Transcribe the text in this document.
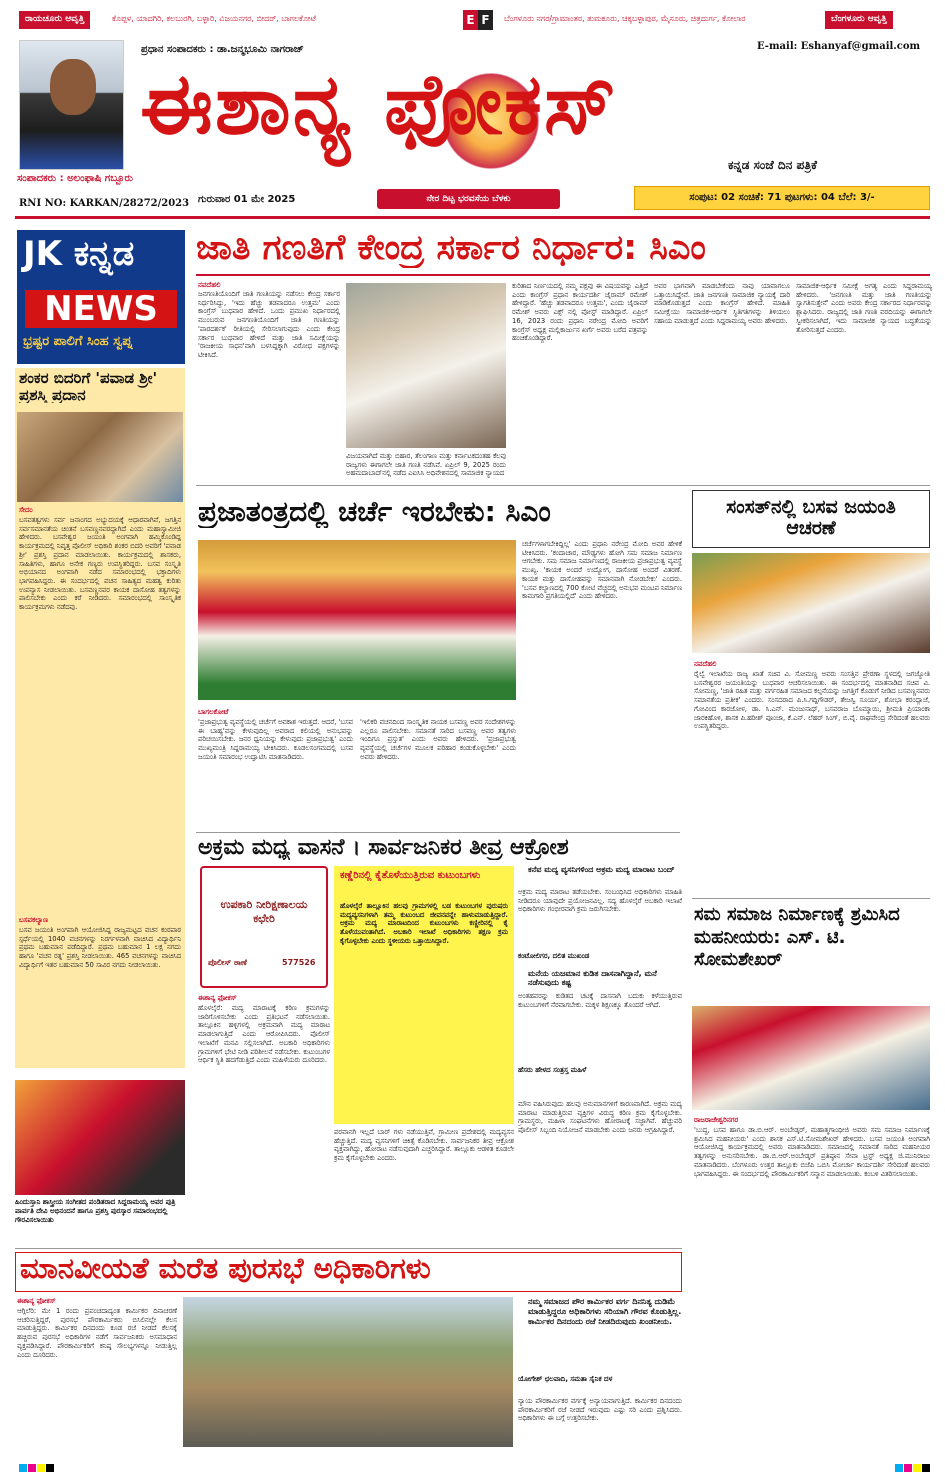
ರಾಯಚೂರು ಆವೃತ್ತಿ	ಕೊಪ್ಪಳ, ಯಾದಗಿರಿ, ಕಲಬುರಗಿ, ಬಳ್ಳಾರಿ, ವಿಜಯನಗರ, ಬೀದರ್, ಬಾಗಲಕೋಟೆ	E F	ಬೆಂಗಳೂರು ನಗರ/ಗ್ರಾಮಾಂತರ, ತುಮಕೂರು, ಚಿಕ್ಕಬಳ್ಳಾಪುರ, ಮೈಸೂರು, ಚಿತ್ರದುರ್ಗ, ಕೋಲಾರ	ಬೆಂಗಳೂರು ಆವೃತ್ತಿ
ಸಂಪಾದಕರು : ಅಲಂಫಾಷಿ ಗಬ್ಬೂರು
RNI NO: KARKAN/28272/2023
ಪ್ರಧಾನ ಸಂಪಾದಕರು : ಡಾ.ಜನ್ಮಭೂಮಿ ನಾಗರಾಜ್	E-mail: Eshanyaf@gmail.com
ಈಶಾನ್ಯ ಫೋಕಸ್
ಕನ್ನಡ ಸಂಜೆ ದಿನ ಪತ್ರಿಕೆ
ಗುರುವಾರ 01 ಮೇ 2025	ನೇರ ದಿಟ್ಟ ಭರವಸೆಯ ಬೆಳಕು	ಸಂಪುಟ: 02 ಸಂಚಿಕೆ: 71 ಪುಟಗಳು: 04 ಬೆಲೆ: 3/-
JK ಕನ್ನಡ
NEWS
ಭ್ರಷ್ಟರ ಪಾಲಿಗೆ ಸಿಂಹ ಸ್ವಪ್ನ
ಶಂಕರ ಬಿದರಿಗೆ 'ಪವಾಡ ಶ್ರೀ' ಪ್ರಶಸ್ತಿ ಪ್ರದಾನ
ಸೇದಂ
ಬಸವತತ್ವಗಳು ಸರ್ವ ಜನಾಂಗದ ಅಭ್ಯುದಯಕ್ಕೆ ಆಧಾರವಾಗಿವೆ, ಜಗತ್ತಿನ ಸರ್ವಸಮಾನತೆಯ ಚಿಂತನೆ ಬಸವಣ್ಣನವರದ್ದಾಗಿದೆ ಎಂದು ಮಹಾಸ್ವಾಮೀಜಿ ಹೇಳಿದರು. ಬಸವೇಶ್ವರ ಜಯಂತಿ ಅಂಗವಾಗಿ ಹಮ್ಮಿಕೊಂಡಿದ್ದ ಕಾರ್ಯಕ್ರಮದಲ್ಲಿ ನಿವೃತ್ತ ಪೊಲೀಸ್ ಅಧಿಕಾರಿ ಶಂಕರ ಬಿದರಿ ಅವರಿಗೆ 'ಪವಾಡ ಶ್ರೀ' ಪ್ರಶಸ್ತಿ ಪ್ರದಾನ ಮಾಡಲಾಯಿತು. ಕಾರ್ಯಕ್ರಮದಲ್ಲಿ ಶಾಸಕರು, ಸಾಹಿತಿಗಳು, ಹಾಗೂ ಅನೇಕ ಗಣ್ಯರು ಉಪಸ್ಥಿತರಿದ್ದರು. ಬಸವ ಸಂಸ್ಕೃತಿ ಅಭಿಯಾನದ ಅಂಗವಾಗಿ ನಡೆದ ಸಮಾರಂಭದಲ್ಲಿ ಭಕ್ತಾದಿಗಳು ಭಾಗವಹಿಸಿದ್ದರು. ಈ ಸಂದರ್ಭದಲ್ಲಿ ವಚನ ಸಾಹಿತ್ಯದ ಮಹತ್ವ ಕುರಿತು ಉಪನ್ಯಾಸ ನೀಡಲಾಯಿತು. ಬಸವಣ್ಣನವರ ಕಾಯಕ ದಾಸೋಹ ತತ್ವಗಳನ್ನು ಪಾಲಿಸಬೇಕು ಎಂದು ಕರೆ ನೀಡಿದರು. ಸಮಾರಂಭದಲ್ಲಿ ಸಾಂಸ್ಕೃತಿಕ ಕಾರ್ಯಕ್ರಮಗಳು ನಡೆದವು.
ಬಸವಕಲ್ಯಾಣ
ಬಸವ ಜಯಂತಿ ಅಂಗವಾಗಿ ಆಯೋಜಿಸಿದ್ದ ರಾಜ್ಯಮಟ್ಟದ ವಚನ ಕಂಠಪಾಠ ಸ್ಪರ್ಧೆಯಲ್ಲಿ 1040 ವಚನಗಳನ್ನು ನಿರರ್ಗಳವಾಗಿ ವಾಚಿಸಿದ ವಿದ್ಯಾರ್ಥಿನಿ ಪ್ರಥಮ ಬಹುಮಾನ ಪಡೆದಿದ್ದಾರೆ. ಪ್ರಥಮ ಬಹುಮಾನ 1 ಲಕ್ಷ ನಗದು ಹಾಗೂ 'ವಚನ ರತ್ನ' ಪ್ರಶಸ್ತಿ ನೀಡಲಾಯಿತು. 465 ವಚನಗಳನ್ನು ವಾಚಿಸಿದ ವಿದ್ಯಾರ್ಥಿಗೆ ಇತರ ಬಹುಮಾನ 50 ಸಾವಿರ ನಗದು ನೀಡಲಾಯಿತು.
ಹಿಂದುಸ್ತಾನಿ ಶಾಸ್ತ್ರೀಯ ಸಂಗೀತದ ಪಂಡಿತರಾದ ಸಿದ್ದರಾಮಯ್ಯ ಅವರ ಪುತ್ರಿ ಪಾರ್ವತಿ ದೇವಿ ಅಭಿನಂದನೆ ಹಾಗೂ ಪ್ರಶಸ್ತಿ ಪುರಸ್ಕಾರ ಸಮಾರಂಭದಲ್ಲಿ ಗೌರವಿಸಲಾಯಿತು
ಜಾತಿ ಗಣತಿಗೆ ಕೇಂದ್ರ ಸರ್ಕಾರ ನಿರ್ಧಾರ: ಸಿಎಂ
ನವದೆಹಲಿ
ಜನಗಣತಿಯೊಂದಿಗೆ ಜಾತಿ ಗಣತಿಯನ್ನು ನಡೆಸಲು ಕೇಂದ್ರ ಸರ್ಕಾರ ನಿರ್ಧರಿಸಿದ್ದು, 'ಇದು ಹೆಚ್ಚು ತಡವಾದರೂ ಉತ್ತಮ' ಎಂದು ಕಾಂಗ್ರೆಸ್ ಬುಧವಾರ ಹೇಳಿದೆ. ಒಂದು ಪ್ರಮುಖ ನಿರ್ಧಾರದಲ್ಲಿ ಮುಂಬರುವ ಜನಗಣತಿಯೊಂದಿಗೆ ಜಾತಿ ಗಣತಿಯನ್ನು 'ಪಾರದರ್ಶಕ' ರೀತಿಯಲ್ಲಿ ಸೇರಿಸಲಾಗುವುದು ಎಂದು ಕೇಂದ್ರ ಸರ್ಕಾರ ಬುಧವಾರ ಹೇಳಿದೆ ಮತ್ತು ಜಾತಿ ಸಮೀಕ್ಷೆಯನ್ನು 'ರಾಜಕೀಯ ಸಾಧನ'ವಾಗಿ ಬಳಸಿದ್ದಕ್ಕಾಗಿ ವಿರೋಧ ಪಕ್ಷಗಳನ್ನು ಟೀಕಿಸಿದೆ.
ವಿಜಯವಾಗಿದೆ ಮತ್ತು ಬಿಹಾರ, ತೆಲಂಗಾಣ ಮತ್ತು ಕರ್ನಾಟಕದಂತಹ ಕೆಲವು ರಾಜ್ಯಗಳು ಈಗಾಗಲೇ ಜಾತಿ ಗಣತಿ ನಡೆಸಿವೆ. ಏಪ್ರಿಲ್ 9, 2025 ರಂದು ಅಹಮದಾಬಾದ್‌ನಲ್ಲಿ ನಡೆದ ಎಐಸಿಸಿ ಅಧಿವೇಶನದಲ್ಲಿ ಸಾಮಾಜಿಕ ನ್ಯಾಯದ
ಕುರಿತಾದ ನಿರ್ಣಯದಲ್ಲಿ ನಮ್ಮ ಪಕ್ಷವು ಈ ವಿಷಯವನ್ನು ಎತ್ತಿದೆ ಎಂದು ಕಾಂಗ್ರೆಸ್ ಪ್ರಧಾನ ಕಾರ್ಯದರ್ಶಿ ಜೈರಾಮ್ ರಮೇಶ್ ಹೇಳಿದ್ದಾರೆ. 'ಹೆಚ್ಚು ತಡವಾದರೂ ಉತ್ತಮ', ಎಂದು ಜೈರಾಮ್ ರಮೇಶ್ ಅವರು ಎಕ್ಸ್ ನಲ್ಲಿ ಪೋಸ್ಟ್ ಮಾಡಿದ್ದಾರೆ. ಏಪ್ರಿಲ್ 16, 2023 ರಂದು ಪ್ರಧಾನಿ ನರೇಂದ್ರ ಮೋದಿ ಅವರಿಗೆ ಕಾಂಗ್ರೆಸ್ ಅಧ್ಯಕ್ಷ ಮಲ್ಲಿಕಾರ್ಜುನ ಖರ್ಗೆ ಅವರು ಬರೆದ ಪತ್ರವನ್ನು ಹಂಚಿಕೊಂಡಿದ್ದಾರೆ.
ಅವರ ಭಾಗವಾಗಿ ಮಾಡಬೇಕೆಂದು ನಾವು ಯಾವಾಗಲೂ ಒತ್ತಾಯಿಸಿದ್ದೇವೆ. ಜಾತಿ ಜನಗಣತಿ ಸಾಮಾಜಿಕ ನ್ಯಾಯಕ್ಕೆ ದಾರಿ ಮಾಡಿಕೊಡುತ್ತದೆ ಎಂದು ಕಾಂಗ್ರೆಸ್ ಹೇಳಿದೆ. ಮಾಹಿತಿ ಸಮೀಕ್ಷೆಯು ಸಾಮಾಜಿಕ-ಆರ್ಥಿಕ ಸ್ಥಿತಿಗತಿಗಳನ್ನು ತಿಳಿಯಲು ಸಹಾಯ ಮಾಡುತ್ತದೆ ಎಂದು ಸಿದ್ದರಾಮಯ್ಯ ಅವರು ಹೇಳಿದರು.
ಸಾಮಾಜಿಕ-ಆರ್ಥಿಕ ಸಮೀಕ್ಷೆ ಅಗತ್ಯ ಎಂದು ಸಿದ್ದರಾಮಯ್ಯ ಹೇಳಿದರು. 'ಜನಗಣತಿ ಮತ್ತು ಜಾತಿ ಗಣತಿಯನ್ನು ಸ್ವಾಗತಿಸುತ್ತೇನೆ' ಎಂದು ಅವರು ಕೇಂದ್ರ ಸರ್ಕಾರದ ನಿರ್ಧಾರವನ್ನು ಶ್ಲಾಘಿಸಿದರು. ರಾಜ್ಯದಲ್ಲಿ ಜಾತಿ ಗಣತಿ ವರದಿಯನ್ನು ಈಗಾಗಲೇ ಸ್ವೀಕರಿಸಲಾಗಿದೆ, ಇದು ಸಾಮಾಜಿಕ ನ್ಯಾಯದ ಬದ್ಧತೆಯನ್ನು ತೋರಿಸುತ್ತದೆ ಎಂದರು.
ಪ್ರಜಾತಂತ್ರದಲ್ಲಿ ಚರ್ಚೆ ಇರಬೇಕು: ಸಿಎಂ
ಚರ್ಚೆಗಳಾಗಬೇಕಿದ್ದಿಲ್ಲ' ಎಂದು ಪ್ರಧಾನಿ ನರೇಂದ್ರ ಮೋದಿ ಅವರ ಹೇಳಿಕೆ ಟೀಕಿಸಿದರು. 'ಕಂದಾಚಾರ, ಮೌಢ್ಯಗಳು ಹೋಗಿ ಸಮ ಸಮಾಜ ನಿರ್ಮಾಣ ಆಗಬೇಕು. ಸಮ ಸಮಾಜ ನಿರ್ಮಾಣದಲ್ಲಿ ರಾಜಕೀಯ ಪ್ರಜಾಪ್ರಭುತ್ವ ವ್ಯವಸ್ಥೆ ಮುಖ್ಯ. 'ಕಾಯಕ ಅಂದರೆ ಉದ್ಯೋಗ, ದಾಸೋಹ ಅಂದರೆ ವಿತರಣೆ. ಕಾಯಕ ಮತ್ತು ದಾಸೋಹವನ್ನು ಸಮಾನವಾಗಿ ನೋಡಬೇಕು' ಎಂದರು. 'ಬಸವ ಕಲ್ಯಾಣದಲ್ಲಿ 700 ಕೋಟಿ ವೆಚ್ಚದಲ್ಲಿ ಅನುಭವ ಮಂಟಪ ನಿರ್ಮಾಣ ಕಾಮಗಾರಿ ಪ್ರಗತಿಯಲ್ಲಿದೆ' ಎಂದು ಹೇಳಿದರು.
ಬಾಗಲಕೋಟೆ
'ಪ್ರಜಾಪ್ರಭುತ್ವ ವ್ಯವಸ್ಥೆಯಲ್ಲಿ ಚರ್ಚೆಗೆ ಅವಕಾಶ ಇರುತ್ತದೆ. ಆದರೆ, 'ಬಸವ ಈ ಬಾಹ್ಯ'ವನ್ನು ಕೇಳುವುದಿಲ್ಲ ಅವರಾದ ಕಲಿಯಲ್ಲಿ ಅನುಭವನ್ನು ಪರಿಚಯಿಸಬೇಕು. ಜನರ ಧ್ವನಿಯನ್ನು ಕೇಳುವುದು ಪ್ರಜಾಪ್ರಭುತ್ವ' ಎಂದು ಮುಖ್ಯಮಂತ್ರಿ ಸಿದ್ದರಾಮಯ್ಯ ಟೀಕಿಸಿದರು. ಕೂಡಲಸಂಗಮದಲ್ಲಿ ಬಸವ ಜಯಂತಿ ಸಮಾರಂಭ ಉದ್ಘಾಟಿಸಿ ಮಾತನಾಡಿದರು.
'ಇಲಿಕರಿ ವಚನದಿಂದ ಸಾಂಸ್ಕೃತಿಕ ನಾಯಕ ಬಸವಣ್ಣ ಅವರ ಸಂದೇಶಗಳನ್ನು ಎಲ್ಲರೂ ಪಾಲಿಸಬೇಕು. ಸಮಾನತೆ ಸಾರಿದ ಬಸವಣ್ಣ ಅವರ ತತ್ವಗಳು ಇಂದಿಗೂ ಪ್ರಸ್ತುತ' ಎಂದು ಅವರು ಹೇಳಿದರು. 'ಪ್ರಜಾಪ್ರಭುತ್ವ ವ್ಯವಸ್ಥೆಯಲ್ಲಿ ಚರ್ಚೆಗಳ ಮೂಲಕ ಪರಿಹಾರ ಕಂಡುಕೊಳ್ಳಬೇಕು' ಎಂದು ಅವರು ಹೇಳಿದರು.
ಸಂಸತ್‌ನಲ್ಲಿ ಬಸವ ಜಯಂತಿ ಆಚರಣೆ
ನವದೆಹಲಿ
ರೈಲ್ವೆ ಇಲಾಖೆಯ ರಾಜ್ಯ ಖಾತೆ ಸಚಿವ ವಿ. ಸೋಮಣ್ಣ ಅವರು ಸಂಸತ್ತಿನ ಪ್ರೇರಣಾ ಸ್ಥಳದಲ್ಲಿ ಜಗಜ್ಯೋತಿ ಬಸವೇಶ್ವರರ ಜಯಂತಿಯನ್ನು ಬುಧವಾರ ಆಚರಿಸಲಾಯಿತು. ಈ ಸಂದರ್ಭದಲ್ಲಿ ಮಾತನಾಡಿದ ಸಚಿವ ವಿ. ಸೋಮಣ್ಣ, 'ಜಾತಿ ರಹಿತ ಮತ್ತು ವರ್ಗರಹಿತ ಸಮಾಜದ ಕಲ್ಪನೆಯನ್ನು ಜಗತ್ತಿಗೆ ಕೊಡುಗೆ ನೀಡಿದ ಬಸವಣ್ಣನವರು ಸಮಾನತೆಯ ಪ್ರತೀಕ' ಎಂದರು. ಸಂಸದರಾದ ಪಿ.ಸಿ.ಗದ್ದಿಗೌಡರ್, ತೇಜಸ್ವಿ ಸೂರ್ಯ, ಶೋಭಾ ಕರಂದ್ಲಾಜೆ, ಗೋವಿಂದ ಕಾರಜೋಳ, ಡಾ. ಸಿ.ಎನ್. ಮಂಜುನಾಥ್, ಬಸವರಾಜ ಬೊಮ್ಮಾಯಿ, ಶ್ರೀಮತಿ ಪ್ರಿಯಾಂಕಾ ಜಾರಕಿಹೊಳಿ, ಶಾಸಕ ಪಿ.ಹರೀಶ್ ಪೂಂಜಾ, ಕೆ.ಎನ್. ಲೆಹರ್ ಸಿಂಗ್, ಬಿ.ವೈ. ರಾಘವೇಂದ್ರ ಸೇರಿದಂತೆ ಹಲವರು ಉಪಸ್ಥಿತರಿದ್ದರು.
ಅಕ್ರಮ ಮಧ್ಯ ವಾಸನೆ । ಸಾರ್ವಜನಿಕರ ತೀವ್ರ ಆಕ್ರೋಶ
ಉಪಕಾರಿ ನೀರಿಕ್ಷಣಾಲಯ ಕಛೇರಿ
ಪೊಲೀಸ್ ಠಾಣೆ	577526
ಕಣ್ಣೆರಿನಲ್ಲಿ ಕೈತೊಳೆಯುತ್ತಿರುವ ಕುಟುಂಬಗಳು
ಹೊಳಲ್ಕೆರೆ ತಾಲ್ಲೂಕಿನ ಹಲವು ಗ್ರಾಮಗಳಲ್ಲಿ ಬಡ ಕುಟುಂಬಗಳ ಪುರುಷರು ಮದ್ಯವ್ಯಸನಿಗಳಾಗಿ ತಮ್ಮ ಕುಟುಂಬದ ಜೀವನವನ್ನೇ ಹಾಳುಮಾಡುತ್ತಿದ್ದಾರೆ. ಅಕ್ರಮ ಮದ್ಯ ಮಾರಾಟದಿಂದ ಕುಟುಂಬಗಳು ಕಣ್ಣೀರಿನಲ್ಲಿ ಕೈ ತೊಳೆಯುವಂತಾಗಿದೆ. ಅಬಕಾರಿ ಇಲಾಖೆ ಅಧಿಕಾರಿಗಳು ತಕ್ಷಣ ಕ್ರಮ ಕೈಗೊಳ್ಳಬೇಕು ಎಂದು ಸ್ಥಳೀಯರು ಒತ್ತಾಯಿಸಿದ್ದಾರೆ.
ಈಶಾನ್ಯ ಫೋಕಸ್
ಹೊಳಲ್ಕೆರೆ: ಮದ್ಯ ಮಾರಾಟಕ್ಕೆ ಕಠಿಣ ಕ್ರಮಗಳನ್ನು ಜಾರಿಗೊಳಿಸಬೇಕು ಎಂದು ಪ್ರತಿಭಟನೆ ನಡೆಸಲಾಯಿತು. ತಾಲ್ಲೂಕಿನ ಹಳ್ಳಿಗಳಲ್ಲಿ ಅಕ್ರಮವಾಗಿ ಮದ್ಯ ಮಾರಾಟ ಮಾಡಲಾಗುತ್ತಿದೆ ಎಂದು ಆರೋಪಿಸಿದರು. ಪೊಲೀಸ್ ಇಲಾಖೆಗೆ ಮನವಿ ಸಲ್ಲಿಸಲಾಗಿದೆ. ಅಬಕಾರಿ ಅಧಿಕಾರಿಗಳು ಗ್ರಾಮಗಳಿಗೆ ಭೇಟಿ ನೀಡಿ ಪರಿಶೀಲನೆ ನಡೆಸಬೇಕು. ಕುಟುಂಬಗಳ ಆರ್ಥಿಕ ಸ್ಥಿತಿ ಹದಗೆಡುತ್ತಿದೆ ಎಂದು ಮಹಿಳೆಯರು ದೂರಿದರು.
ಪರವಾನಗಿ ಇಲ್ಲದೆ ಬಾರ್ ಗಳು ನಡೆಯುತ್ತಿವೆ, ಗ್ರಾಮೀಣ ಪ್ರದೇಶದಲ್ಲಿ ಮದ್ಯವ್ಯಸನ ಹೆಚ್ಚುತ್ತಿದೆ. ಮದ್ಯ ವ್ಯಸನಿಗಳಿಗೆ ಚಿಕಿತ್ಸೆ ಕೊಡಿಸಬೇಕು. ಸಾರ್ವಜನಿಕರ ತೀವ್ರ ಆಕ್ರೋಶ ವ್ಯಕ್ತವಾಗಿದ್ದು, ಹೋರಾಟ ನಡೆಸುವುದಾಗಿ ಎಚ್ಚರಿಸಿದ್ದಾರೆ. ತಾಲ್ಲೂಕು ಆಡಳಿತ ಕೂಡಲೇ ಕ್ರಮ ಕೈಗೊಳ್ಳಬೇಕು ಎಂದರು.
ಕನೆವ ಮದ್ಯ ವ್ಯಸನಿಗಳಿಂದ ಅಕ್ರಮ ಮದ್ಯ ಮಾರಾಟ ಬಂದ್
ಅಕ್ರಮ ಮದ್ಯ ಮಾರಾಟ ತಡೆಯಬೇಕು. ಸಂಬಂಧಿಸಿದ ಅಧಿಕಾರಿಗಳು ಮಾಹಿತಿ ನೀಡಿದರೂ ಯಾವುದೇ ಪ್ರಯೋಜನವಿಲ್ಲ. ಸದ್ಯ ಹೊಳಲ್ಕೆರೆ ಅಬಕಾರಿ ಇಲಾಖೆ ಅಧಿಕಾರಿಗಳು ಗಂಭೀರವಾಗಿ ಕ್ರಮ ಜರುಗಿಸಬೇಕು.
ಕಂಟೋಲಿಗರ, ದಲಿತ ಮುಖಂಡ
ಮನೆಯ ಯಜಮಾನ ಕುಡಿತ ದಾಸನಾಗಿದ್ದಾನೆ, ಮನೆ ನಡೆಸುವುದು ಕಷ್ಟ
ಅಂತಹವರನ್ನು ಕುಡಿತದ ಚಟಕ್ಕೆ ದಾಸನಾಗಿ ಬದುಕು ಕಳೆಯುತ್ತಿರುವ ಕುಟುಂಬಗಳಿಗೆ ನೆರವಾಗಬೇಕು. ಮಕ್ಕಳ ಶಿಕ್ಷಣಕ್ಕೂ ತೊಂದರೆ ಆಗಿದೆ.
ಹೆಸರು ಹೇಳದ ಸಂತ್ರಸ್ತ ಮಹಿಳೆ
ಮೌನ ವಹಿಸಿರುವುದು ಹಲವು ಅನುಮಾನಗಳಿಗೆ ಕಾರಣವಾಗಿದೆ. ಅಕ್ರಮ ಮದ್ಯ ಮಾರಾಟ ಮಾಡುತ್ತಿರುವ ವ್ಯಕ್ತಿಗಳ ವಿರುದ್ಧ ಕಠಿಣ ಕ್ರಮ ಕೈಗೊಳ್ಳಬೇಕು. ಗ್ರಾಮಸ್ಥರು, ಮಹಿಳಾ ಸಂಘಟನೆಗಳು ಹೋರಾಟಕ್ಕೆ ಸಜ್ಜಾಗಿವೆ. ಹೆಚ್ಚುವರಿ ಪೊಲೀಸ್ ಸಿಬ್ಬಂದಿ ನಿಯೋಜನೆ ಮಾಡಬೇಕು ಎಂದು ಜನರು ಆಗ್ರಹಿಸಿದ್ದಾರೆ.
ಸಮ ಸಮಾಜ ನಿರ್ಮಾಣಕ್ಕೆ ಶ್ರಮಿಸಿದ ಮಹನೀಯರು: ಎಸ್. ಟಿ. ಸೋಮಶೇಖರ್
ರಾಜರಾಜೇಶ್ವರಿನಗರ
'ಬುದ್ಧ, ಬಸವ ಹಾಗೂ ಡಾ.ಬಿ.ಆರ್. ಅಂಬೇಡ್ಕರ್, ಮಹಾತ್ಮಗಾಂಧೀಜಿ ಅವರು ಸಮ ಸಮಾಜ ನಿರ್ಮಾಣಕ್ಕೆ ಶ್ರಮಿಸಿದ ಮಹನೀಯರು' ಎಂದು ಶಾಸಕ ಎಸ್.ಟಿ.ಸೋಮಶೇಖರ್ ಹೇಳಿದರು. ಬಸವ ಜಯಂತಿ ಅಂಗವಾಗಿ ಆಯೋಜಿಸಿದ್ದ ಕಾರ್ಯಕ್ರಮದಲ್ಲಿ ಅವರು ಮಾತನಾಡಿದರು. ಸಮಾಜದಲ್ಲಿ ಸಮಾನತೆ ಸಾರಿದ ಮಹನೀಯರ ತತ್ವಗಳನ್ನು ಅನುಸರಿಸಬೇಕು. ಡಾ.ಬಿ.ಆರ್.ಅಂಬೇಡ್ಕರ್ ಪ್ರತಿಷ್ಠಾನ ಸೇವಾ ಟ್ರಸ್ಟ್ ಅಧ್ಯಕ್ಷ ಜಿ.ಮುನಿರಾಜು ಮಾತನಾಡಿದರು. ಬೆಂಗಳೂರು ಉತ್ತರ ತಾಲ್ಲೂಕು ಬಿಜೆಪಿ ಒಬಿಸಿ ಮೋರ್ಚಾ ಕಾರ್ಯದರ್ಶಿ ಸೇರಿದಂತೆ ಹಲವರು ಭಾಗವಹಿಸಿದ್ದರು. ಈ ಸಂದರ್ಭದಲ್ಲಿ ಪೌರಕಾರ್ಮಿಕರಿಗೆ ಸನ್ಮಾನ ಮಾಡಲಾಯಿತು. ಕಂಬಳಿ ವಿತರಿಸಲಾಯಿತು.
ಮಾನವೀಯತೆ ಮರೆತ ಪುರಸಭೆ ಅಧಿಕಾರಿಗಳು
ಈಶಾನ್ಯ ಫೋಕಸ್
ಆಗ್ಗಿಲೆರಿ: ಮೇ 1 ರಂದು ಪ್ರಪಂಚದಾದ್ಯಂತ ಕಾರ್ಮಿಕರ ದಿನಾಚರಣೆ ಆಚರಿಸುತ್ತಿದ್ದರೆ, ಪುರಸಭೆ ಪೌರಕಾರ್ಮಿಕರು ಬಿಸಿಲಿನಲ್ಲೇ ಕೆಲಸ ಮಾಡುತ್ತಿದ್ದರು. ಕಾರ್ಮಿಕರ ದಿನದಂದು ಕೂಡ ರಜೆ ನೀಡದೆ ಕೆಲಸಕ್ಕೆ ಹಚ್ಚಿರುವ ಪುರಸಭೆ ಅಧಿಕಾರಿಗಳ ನಡೆಗೆ ಸಾರ್ವಜನಿಕರು ಅಸಮಾಧಾನ ವ್ಯಕ್ತಪಡಿಸಿದ್ದಾರೆ. ಪೌರಕಾರ್ಮಿಕರಿಗೆ ಕನಿಷ್ಠ ಸೌಲಭ್ಯಗಳನ್ನೂ ನೀಡುತ್ತಿಲ್ಲ ಎಂದು ದೂರಿದರು.
ನಮ್ಮ ಸಮಾಜದ ಪೌರ ಕಾರ್ಮಿಕರ ವರ್ಗ ದಿನನಿತ್ಯ ದುಡಿಮೆ ಮಾಡುತ್ತಿದ್ದರೂ ಅಧಿಕಾರಿಗಳು ಸರಿಯಾಗಿ ಗೌರವ ಕೊಡುತ್ತಿಲ್ಲ. ಕಾರ್ಮಿಕರ ದಿನದಂದು ರಜೆ ನೀಡದಿರುವುದು ಖಂಡನೀಯ.
ಯೋಗೇಶ್ ಛಲವಾದಿ, ಸಮತಾ ಸೈನಿಕ ದಳ
ನ್ಯಾಯ ಪೌರಕಾರ್ಮಿಕರ ವರ್ಗಕ್ಕೆ ಅನ್ಯಾಯವಾಗುತ್ತಿದೆ. ಕಾರ್ಮಿಕರ ದಿನದಂದು ಪೌರಕಾರ್ಮಿಕರಿಗೆ ರಜೆ ನೀಡದೆ ಇರುವುದು ಎಷ್ಟು ಸರಿ ಎಂದು ಪ್ರಶ್ನಿಸಿದರು. ಅಧಿಕಾರಿಗಳು ಈ ಬಗ್ಗೆ ಉತ್ತರಿಸಬೇಕು.
